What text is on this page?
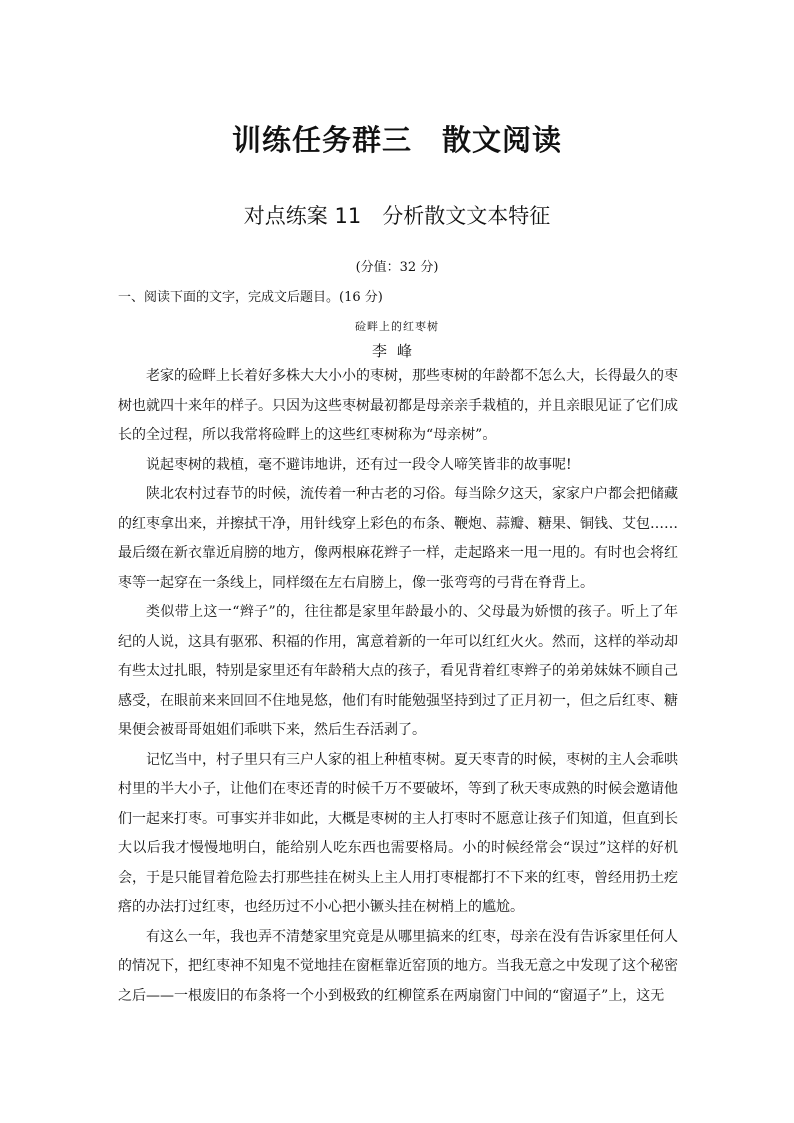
训练任务群三　散文阅读
对点练案 11　分析散文文本特征
(分值：32 分)
一、阅读下面的文字，完成文后题目。(16 分)
硷畔上的红枣树
李峰

老家的硷畔上长着好多株大大小小的枣树，那些枣树的年龄都不怎么大，长得最久的枣树也就四十来年的样子。只因为这些枣树最初都是母亲亲手栽植的，并且亲眼见证了它们成长的全过程，所以我常将硷畔上的这些红枣树称为“母亲树”。

说起枣树的栽植，毫不避讳地讲，还有过一段令人啼笑皆非的故事呢!

陕北农村过春节的时候，流传着一种古老的习俗。每当除夕这天，家家户户都会把储藏的红枣拿出来，并擦拭干净，用针线穿上彩色的布条、鞭炮、蒜瓣、糖果、铜钱、艾包……最后缀在新衣靠近肩膀的地方，像两根麻花辫子一样，走起路来一甩一甩的。有时也会将红枣等一起穿在一条线上，同样缀在左右肩膀上，像一张弯弯的弓背在脊背上。

类似带上这一“辫子”的，往往都是家里年龄最小的、父母最为娇惯的孩子。听上了年纪的人说，这具有驱邪、积福的作用，寓意着新的一年可以红红火火。然而，这样的举动却有些太过扎眼，特别是家里还有年龄稍大点的孩子，看见背着红枣辫子的弟弟妹妹不顾自己感受，在眼前来来回回不住地晃悠，他们有时能勉强坚持到过了正月初一，但之后红枣、糖果便会被哥哥姐姐们乖哄下来，然后生吞活剥了。

记忆当中，村子里只有三户人家的祖上种植枣树。夏天枣青的时候，枣树的主人会乖哄村里的半大小子，让他们在枣还青的时候千万不要破坏，等到了秋天枣成熟的时候会邀请他们一起来打枣。可事实并非如此，大概是枣树的主人打枣时不愿意让孩子们知道，但直到长大以后我才慢慢地明白，能给别人吃东西也需要格局。小的时候经常会“误过”这样的好机会，于是只能冒着危险去打那些挂在树头上主人用打枣棍都打不下来的红枣，曾经用扔土疙瘩的办法打过红枣，也经历过不小心把小镢头挂在树梢上的尴尬。

有这么一年，我也弄不清楚家里究竟是从哪里搞来的红枣，母亲在没有告诉家里任何人的情况下，把红枣神不知鬼不觉地挂在窗框靠近窑顶的地方。当我无意之中发现了这个秘密之后——一根废旧的布条将一个小到极致的红柳筐系在两扇窗门中间的“窗逼子”上，这无
